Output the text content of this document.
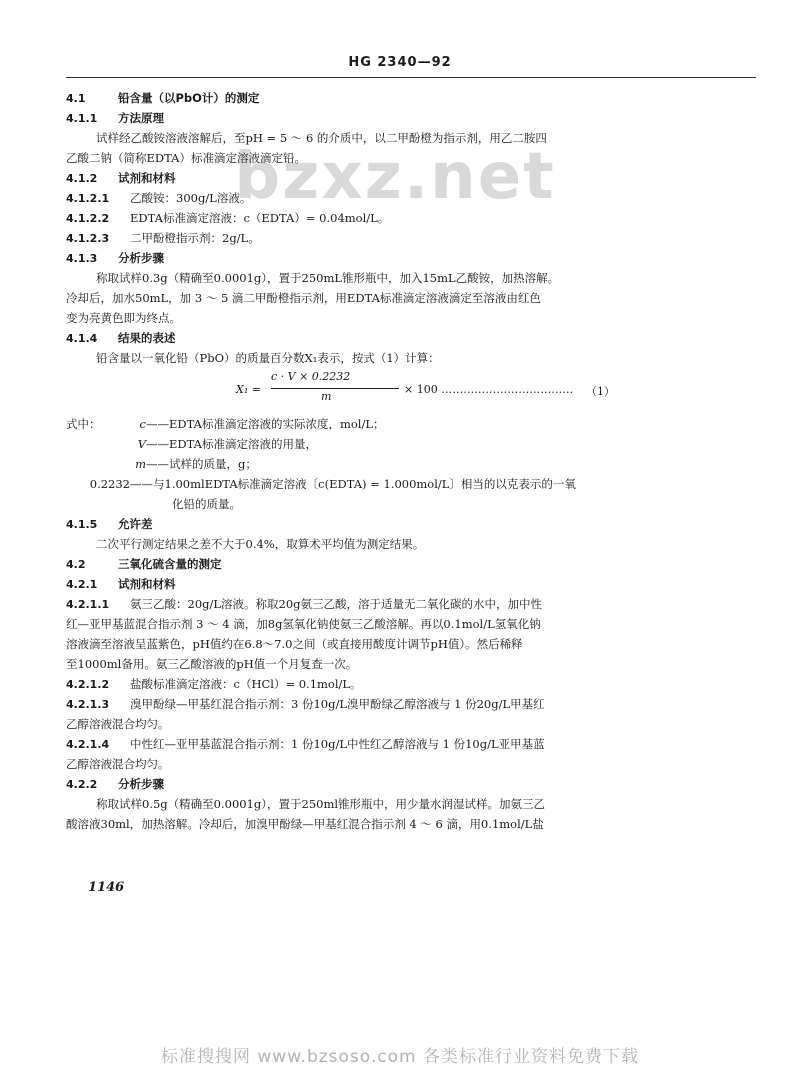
HG 2340—92
bzxz.net
4.1	铅含量（以PbO计）的测定
4.1.1 方法原理
试样经乙酸铵溶液溶解后，至pH = 5 ～ 6 的介质中，以二甲酚橙为指示剂，用乙二胺四
乙酸二钠（简称EDTA）标准滴定溶液滴定铅。
4.1.2 试剂和材料
4.1.2.1 乙酸铵：300g/L溶液。
4.1.2.2 EDTA标准滴定溶液：c（EDTA）= 0.04mol/L。
4.1.2.3 二甲酚橙指示剂：2g/L。
4.1.3 分析步骤
称取试样0.3g（精确至0.0001g），置于250mL锥形瓶中，加入15mL乙酸铵，加热溶解。
冷却后，加水50mL，加 3 ～ 5 滴二甲酚橙指示剂，用EDTA标准滴定溶液滴定至溶液由红色
变为亮黄色即为终点。
4.1.4 结果的表述
铅含量以一氧化铅（PbO）的质量百分数X₁表示，按式（1）计算：
X₁ =
c · V × 0.2232
m
× 100 ……………………………… （1）
式中：	c——EDTA标准滴定溶液的实际浓度，mol/L；
V——EDTA标准滴定溶液的用量，
m——试样的质量，g；
0.2232——与1.00mlEDTA标准滴定溶液〔c(EDTA) = 1.000mol/L〕相当的以克表示的一氧
化铅的质量。
4.1.5 允许差
二次平行测定结果之差不大于0.4%，取算术平均值为测定结果。
4.2	三氧化硫含量的测定
4.2.1 试剂和材料
4.2.1.1 氨三乙酸：20g/L溶液。称取20g氨三乙酸，溶于适量无二氧化碳的水中，加中性
红—亚甲基蓝混合指示剂 3 ～ 4 滴，加8g氢氧化钠使氨三乙酸溶解。再以0.1mol/L氢氧化钠
溶液滴至溶液呈蓝紫色，pH值约在6.8～7.0之间（或直接用酸度计调节pH值）。然后稀释
至1000ml备用。氨三乙酸溶液的pH值一个月复查一次。
4.2.1.2 盐酸标准滴定溶液：c（HCl）= 0.1mol/L。
4.2.1.3 溴甲酚绿—甲基红混合指示剂：3 份10g/L溴甲酚绿乙醇溶液与 1 份20g/L甲基红
乙醇溶液混合均匀。
4.2.1.4 中性红—亚甲基蓝混合指示剂：1 份10g/L中性红乙醇溶液与 1 份10g/L亚甲基蓝
乙醇溶液混合均匀。
4.2.2 分析步骤
称取试样0.5g（精确至0.0001g），置于250ml锥形瓶中，用少量水润湿试样。加氨三乙
酸溶液30ml，加热溶解。冷却后，加溴甲酚绿—甲基红混合指示剂 4 ～ 6 滴，用0.1mol/L盐
1146
标准搜搜网 www.bzsoso.com 各类标准行业资料免费下载
